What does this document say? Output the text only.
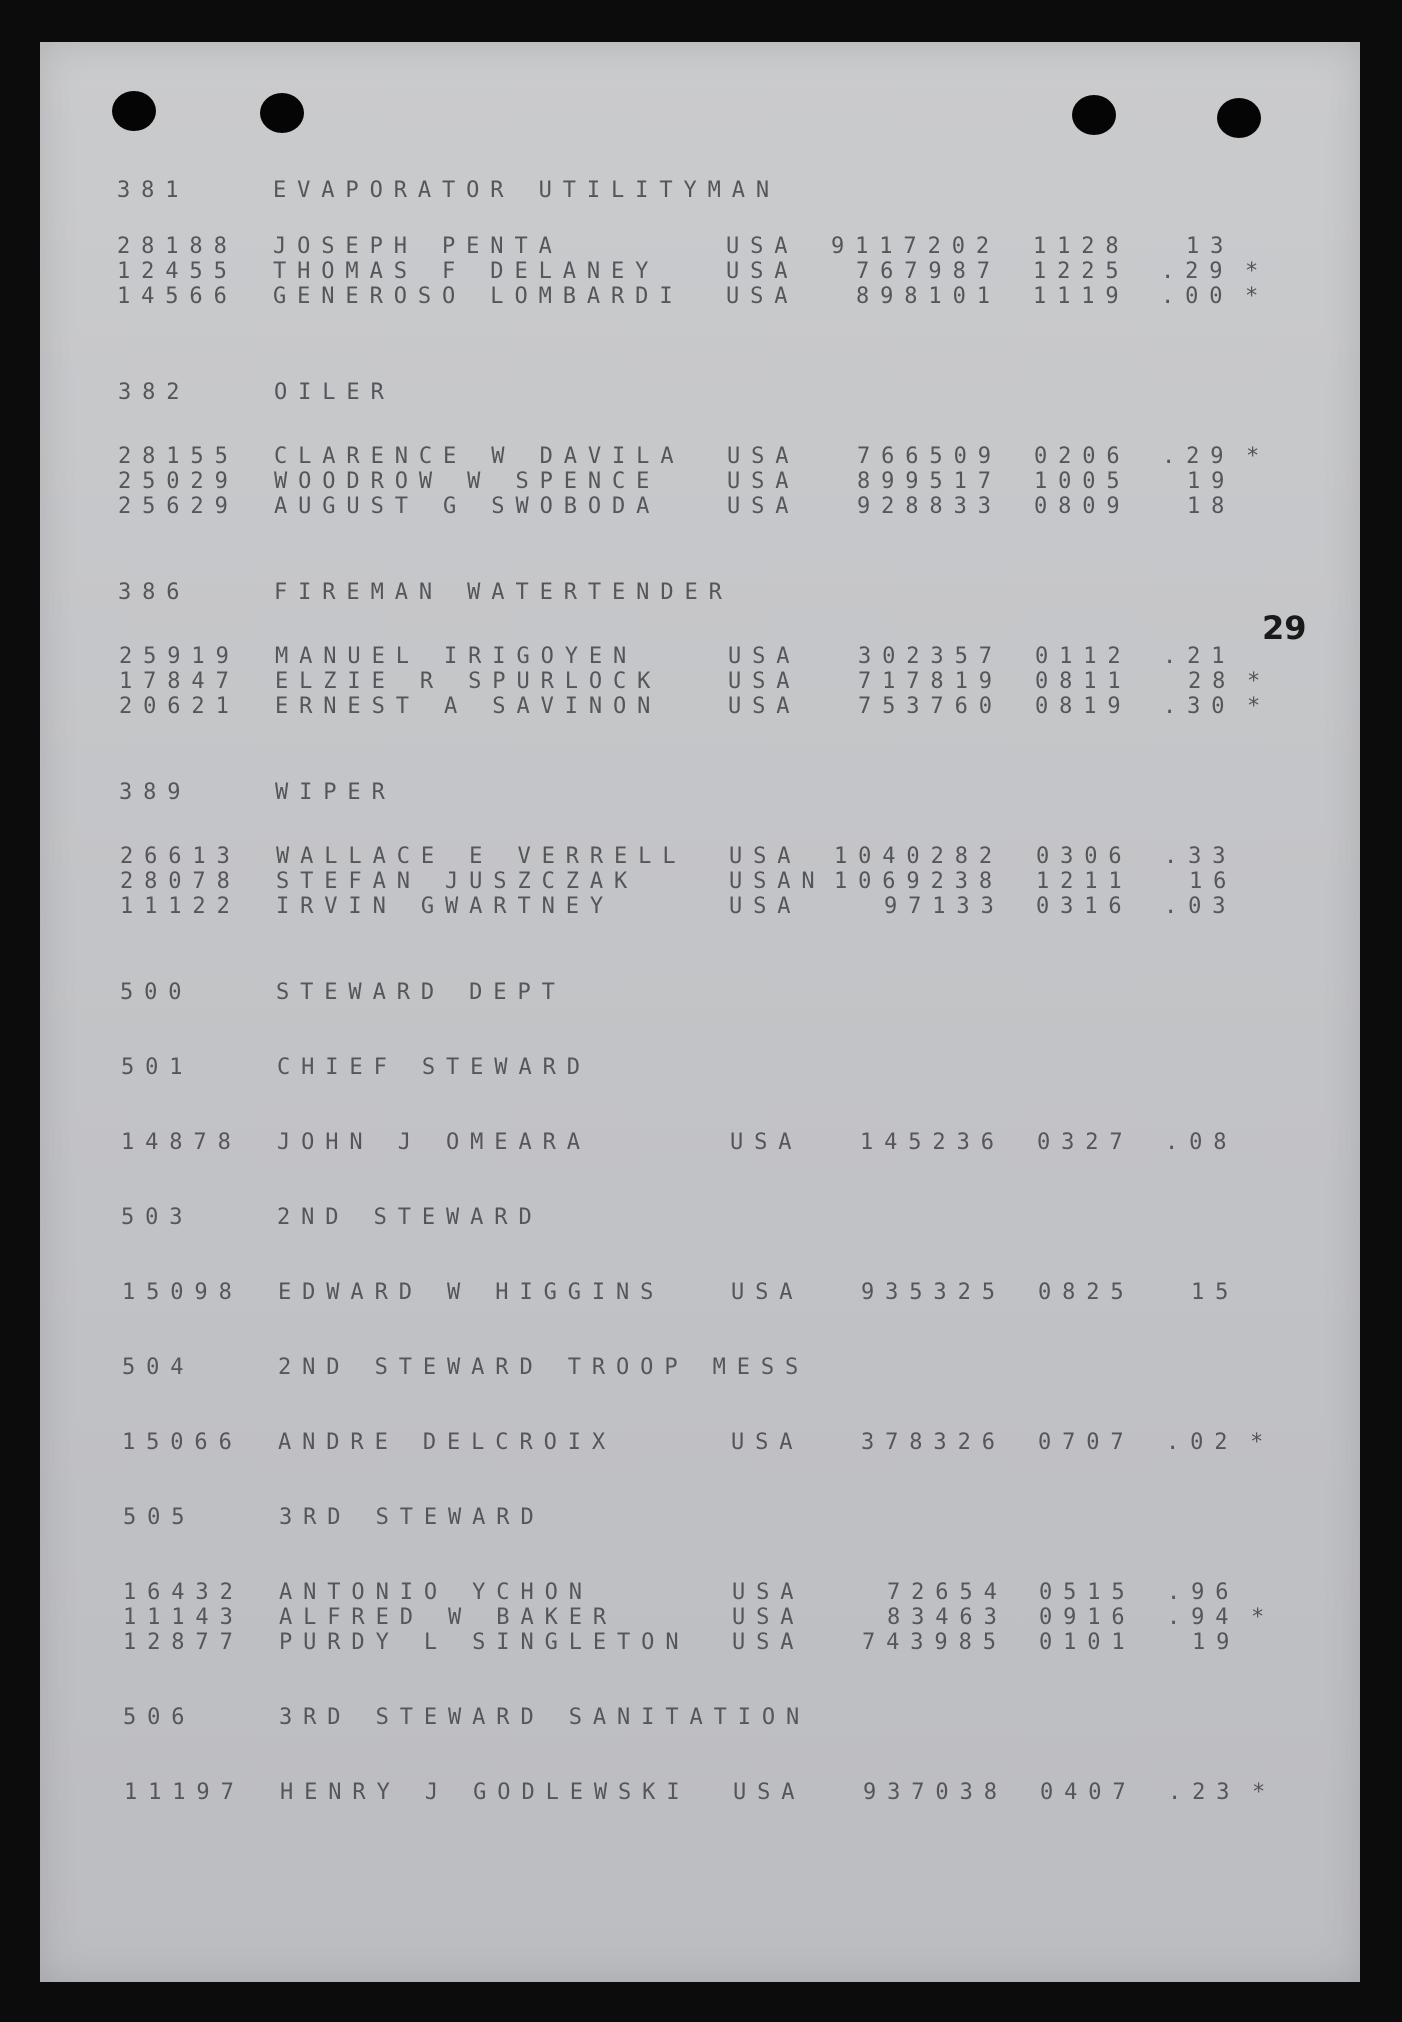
29
381	EVAPORATOR UTILITYMAN
28188 JOSEPH PENTA	USA 9117202 1128	13
12455 THOMAS F DELANEY	USA	767987 1225 .29 *
14566 GENEROSO LOMBARDI USA	898101 1119 .00 *
382	OILER
28155 CLARENCE W DAVILA USA	766509 0206 .29 *
25029 WOODROW W SPENCE	USA	899517 1005	19
25629 AUGUST G SWOBODA	USA	928833 0809	18
386	FIREMAN WATERTENDER
25919 MANUEL IRIGOYEN	USA	302357 0112 .21
17847 ELZIE R SPURLOCK	USA	717819 0811	28 *
20621 ERNEST A SAVINON	USA	753760 0819 .30 *
389	WIPER
26613 WALLACE E VERRELL USA 1040282 0306 .33
28078 STEFAN JUSZCZAK	USAN 1069238 1211	16
11122 IRVIN GWARTNEY	USA	97133 0316 .03
500	STEWARD DEPT
501	CHIEF STEWARD
14878 JOHN J OMEARA	USA	145236 0327 .08
503	2ND STEWARD
15098 EDWARD W HIGGINS	USA	935325 0825	15
504	2ND STEWARD TROOP MESS
15066 ANDRE DELCROIX	USA	378326 0707 .02 *
505	3RD STEWARD
16432 ANTONIO YCHON	USA	72654 0515 .96
11143 ALFRED W BAKER	USA	83463 0916 .94 *
12877 PURDY L SINGLETON USA	743985 0101	19
506	3RD STEWARD SANITATION
11197 HENRY J GODLEWSKI USA	937038 0407 .23 *
